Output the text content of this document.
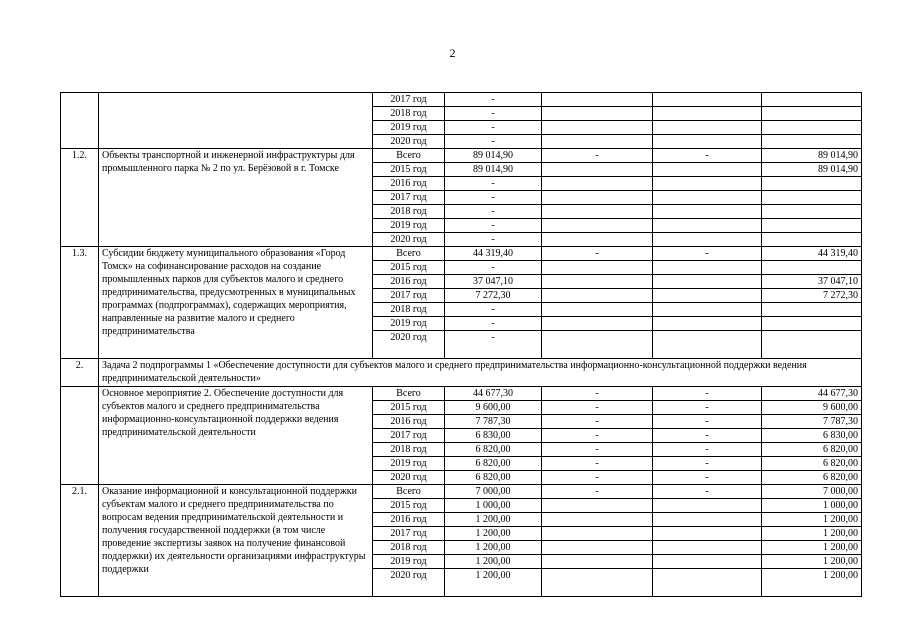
2
		2017 год	-			
		2018 год	-			
		2019 год	-			
		2020 год	-			
1.2.	Объекты транспортной и инженерной инфраструктуры для промышленного парка № 2 по ул. Берёзовой в г. Томске	Всего	89 014,90	-	-	89 014,90
		2015 год	89 014,90			89 014,90
		2016 год	-			
		2017 год	-			
		2018 год	-			
		2019 год	-			
		2020 год	-			
1.3.	Субсидии бюджету муниципального образования «Город Томск» на софинансирование расходов на создание промышленных парков для субъектов малого и среднего предпринимательства, предусмотренных в муниципальных программах (подпрограммах), содержащих мероприятия, направленные на развитие малого и среднего предпринимательства	Всего	44 319,40	-	-	44 319,40
		2015 год	-			
		2016 год	37 047,10			37 047,10
		2017 год	7 272,30			7 272,30
		2018 год	-			
		2019 год	-			
		2020 год	-			
2.	Задача 2 подпрограммы 1 «Обеспечение доступности для субъектов малого и среднего предпринимательства информационно-консультационной поддержки ведения предпринимательской деятельности»					
	Основное мероприятие 2. Обеспечение доступности для субъектов малого и среднего предпринимательства информационно-консультационной поддержки ведения предпринимательской деятельности	Всего	44 677,30	-	-	44 677,30
		2015 год	9 600,00	-	-	9 600,00
		2016 год	7 787,30	-	-	7 787,30
		2017 год	6 830,00	-	-	6 830,00
		2018 год	6 820,00	-	-	6 820,00
		2019 год	6 820,00	-	-	6 820,00
		2020 год	6 820,00	-	-	6 820,00
2.1.	Оказание информационной и консультационной поддержки субъектам малого и среднего предпринимательства по вопросам ведения предпринимательской деятельности и получения государственной поддержки (в том числе проведение экспертизы заявок на получение финансовой поддержки) их деятельности организациями инфраструктуры поддержки	Всего	7 000,00	-	-	7 000,00
		2015 год	1 000,00			1 000,00
		2016 год	1 200,00			1 200,00
		2017 год	1 200,00			1 200,00
		2018 год	1 200,00			1 200,00
		2019 год	1 200,00			1 200,00
		2020 год	1 200,00			1 200,00
